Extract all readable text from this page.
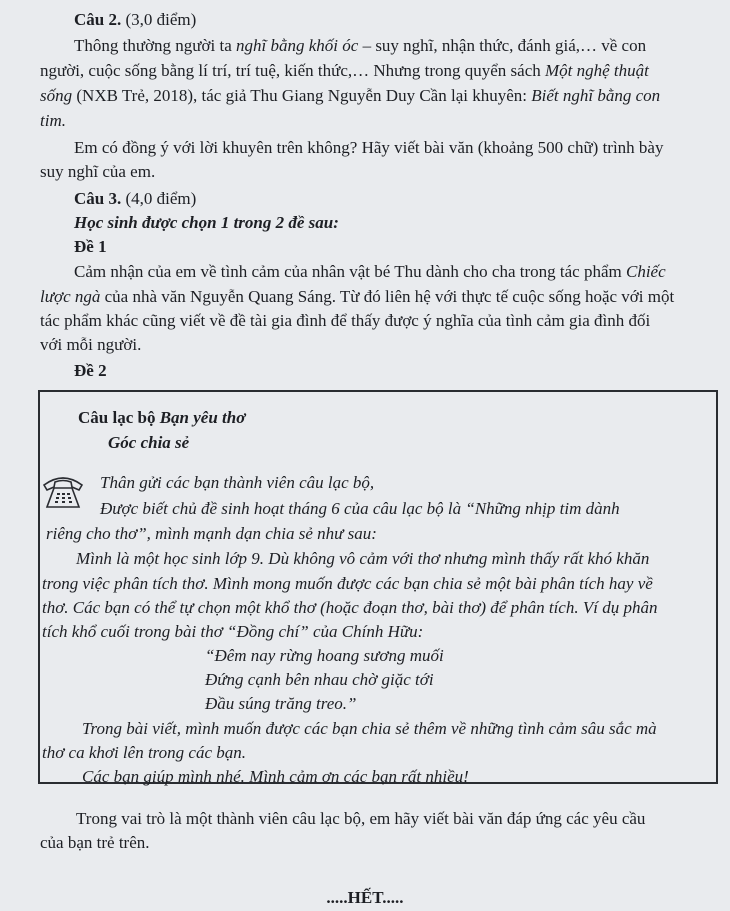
Câu 2. (3,0 điểm)

Thông thường người ta nghĩ bằng khối óc – suy nghĩ, nhận thức, đánh giá,… về con

người, cuộc sống bằng lí trí, trí tuệ, kiến thức,… Nhưng trong quyển sách Một nghệ thuật

sống (NXB Trẻ, 2018), tác giả Thu Giang Nguyễn Duy Cần lại khuyên: Biết nghĩ bằng con

tim.

Em có đồng ý với lời khuyên trên không? Hãy viết bài văn (khoảng 500 chữ) trình bày

suy nghĩ của em.

Câu 3. (4,0 điểm)

Học sinh được chọn 1 trong 2 đề sau:

Đề 1

Cảm nhận của em về tình cảm của nhân vật bé Thu dành cho cha trong tác phẩm Chiếc

lược ngà của nhà văn Nguyễn Quang Sáng. Từ đó liên hệ với thực tế cuộc sống hoặc với một

tác phẩm khác cũng viết về đề tài gia đình để thấy được ý nghĩa của tình cảm gia đình đối

với mỗi người.

Đề 2

Câu lạc bộ Bạn yêu thơ

Góc chia sẻ

Thân gửi các bạn thành viên câu lạc bộ,

Được biết chủ đề sinh hoạt tháng 6 của câu lạc bộ là “Những nhịp tim dành

riêng cho thơ”, mình mạnh dạn chia sẻ như sau:

Mình là một học sinh lớp 9. Dù không vô cảm với thơ nhưng mình thấy rất khó khăn

trong việc phân tích thơ. Mình mong muốn được các bạn chia sẻ một bài phân tích hay về

thơ. Các bạn có thể tự chọn một khổ thơ (hoặc đoạn thơ, bài thơ) để phân tích. Ví dụ phân

tích khổ cuối trong bài thơ “Đồng chí” của Chính Hữu:

“Đêm nay rừng hoang sương muối

Đứng cạnh bên nhau chờ giặc tới

Đầu súng trăng treo.”

Trong bài viết, mình muốn được các bạn chia sẻ thêm về những tình cảm sâu sắc mà

thơ ca khơi lên trong các bạn.

Các bạn giúp mình nhé. Mình cảm ơn các bạn rất nhiều!

Trong vai trò là một thành viên câu lạc bộ, em hãy viết bài văn đáp ứng các yêu cầu

của bạn trẻ trên.

.....HẾT.....
